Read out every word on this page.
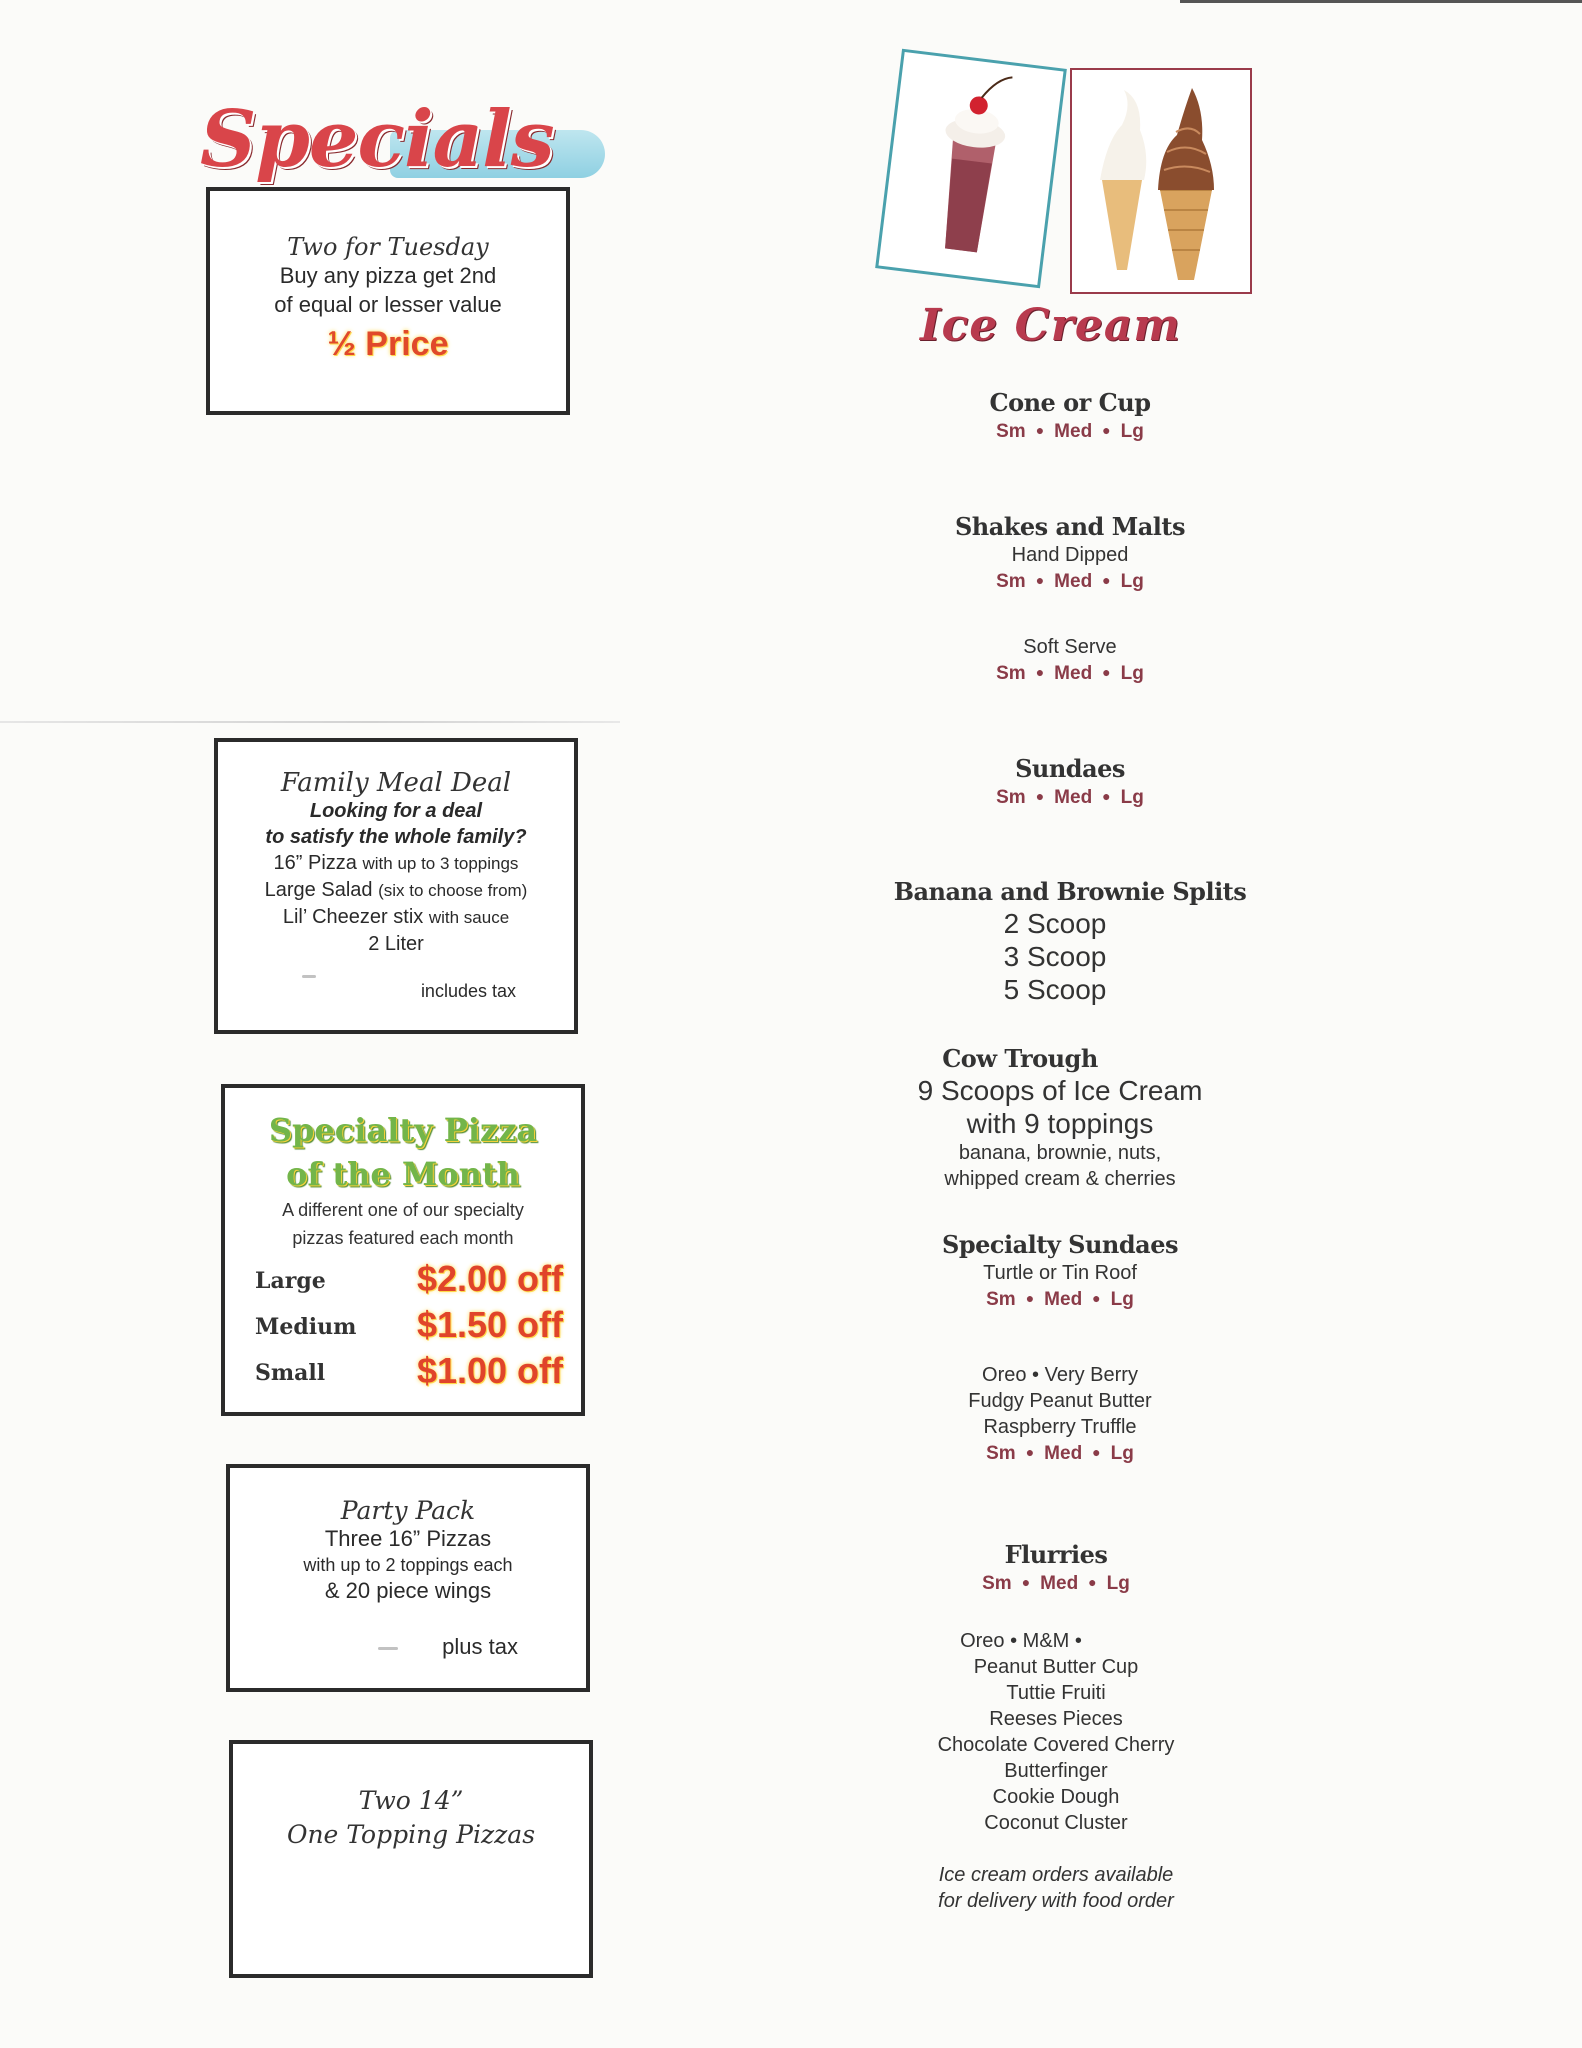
Specials
Two for Tuesday
Buy any pizza get 2nd
of equal or lesser value
½ Price
Family Meal Deal
Looking for a deal
to satisfy the whole family?
16” Pizza with up to 3 toppings
Large Salad (six to choose from)
Lil’ Cheezer stix with sauce
2 Liter
includes tax
Specialty Pizza
of the Month
A different one of our specialty
pizzas featured each month
Large	$2.00 off
Medium $1.50 off
Small	$1.00 off
Party Pack
Three 16” Pizzas
with up to 2 toppings each
& 20 piece wings
plus tax
Two 14”
One Topping Pizzas
Ice Cream
Cone or Cup
Sm ● Med ● Lg
Shakes and Malts
Hand Dipped
Sm ● Med ● Lg
Soft Serve
Sm ● Med ● Lg
Sundaes
Sm ● Med ● Lg
Banana and Brownie Splits
2 Scoop
3 Scoop
5 Scoop
Cow Trough
9 Scoops of Ice Cream
with 9 toppings
banana, brownie, nuts,
whipped cream & cherries
Specialty Sundaes
Turtle or Tin Roof
Sm ● Med ● Lg
Oreo • Very Berry
Fudgy Peanut Butter
Raspberry Truffle
Sm ● Med ● Lg
Flurries
Sm ● Med ● Lg
Oreo • M&M •
Peanut Butter Cup
Tuttie Fruiti
Reeses Pieces
Chocolate Covered Cherry
Butterfinger
Cookie Dough
Coconut Cluster
Ice cream orders available
for delivery with food order
